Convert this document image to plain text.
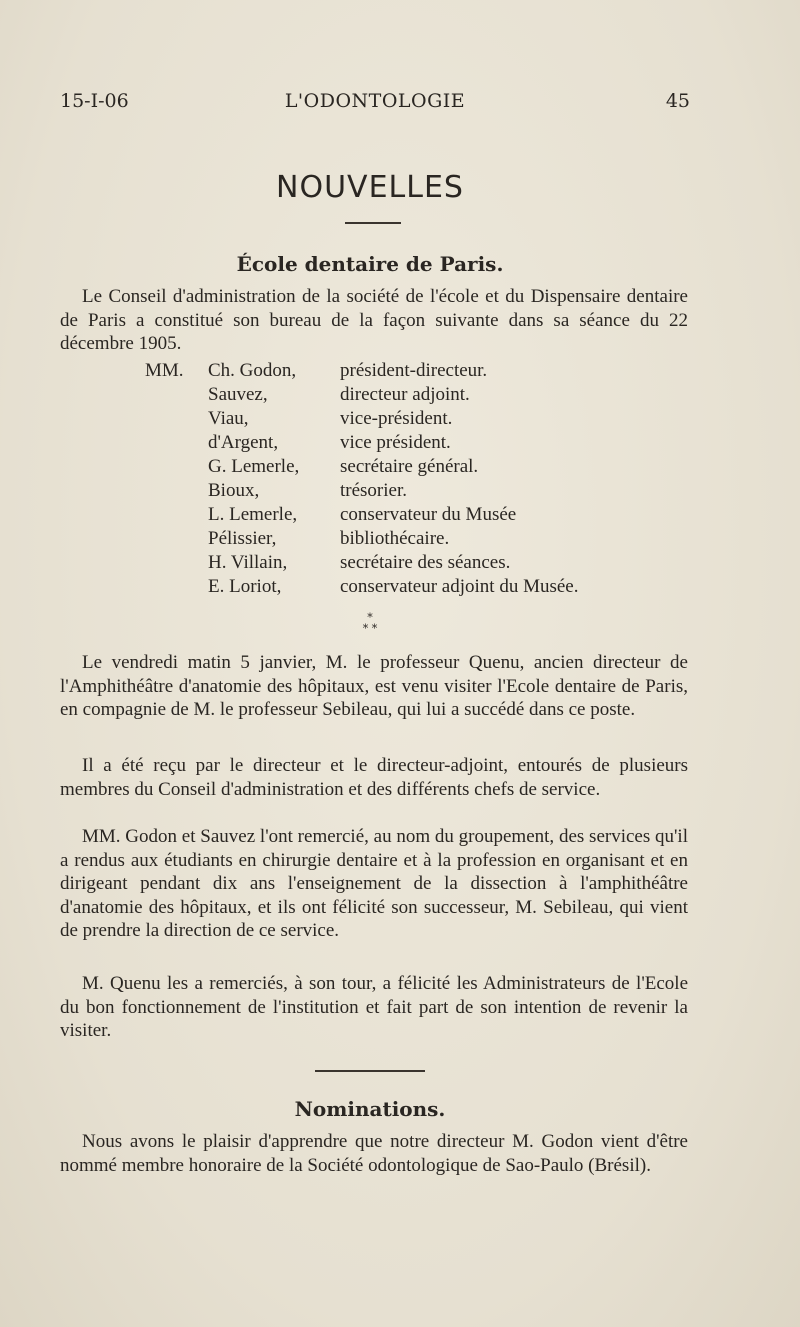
15-I-06	L'ODONTOLOGIE	45
NOUVELLES
École dentaire de Paris.

Le Conseil d'administration de la société de l'école et du Dispensaire dentaire de Paris a constitué son bureau de la façon suivante dans sa séance du 22 décembre 1905.

MM. Ch. Godon, président-directeur.
Sauvez,	directeur adjoint.
Viau,	vice-président.
d'Argent,	vice président.
G. Lemerle, secrétaire général.
Bioux,	trésorier.
L. Lemerle, conservateur du Musée
Pélissier,	bibliothécaire.
H. Villain,	secrétaire des séances.
E. Loriot,	conservateur adjoint du Musée.
*
* *

Le vendredi matin 5 janvier, M. le professeur Quenu, ancien directeur de l'Amphithéâtre d'anatomie des hôpitaux, est venu visiter l'Ecole dentaire de Paris, en compagnie de M. le professeur Sebileau, qui lui a succédé dans ce poste.

Il a été reçu par le directeur et le directeur-adjoint, entourés de plusieurs membres du Conseil d'administration et des différents chefs de service.

MM. Godon et Sauvez l'ont remercié, au nom du groupement, des services qu'il a rendus aux étudiants en chirurgie dentaire et à la profession en organisant et en dirigeant pendant dix ans l'enseignement de la dissection à l'amphithéâtre d'anatomie des hôpitaux, et ils ont félicité son successeur, M. Sebileau, qui vient de prendre la direction de ce service.

M. Quenu les a remerciés, à son tour, a félicité les Administrateurs de l'Ecole du bon fonctionnement de l'institution et fait part de son intention de revenir la visiter.

Nominations.

Nous avons le plaisir d'apprendre que notre directeur M. Godon vient d'être nommé membre honoraire de la Société odontologique de Sao-Paulo (Brésil).
